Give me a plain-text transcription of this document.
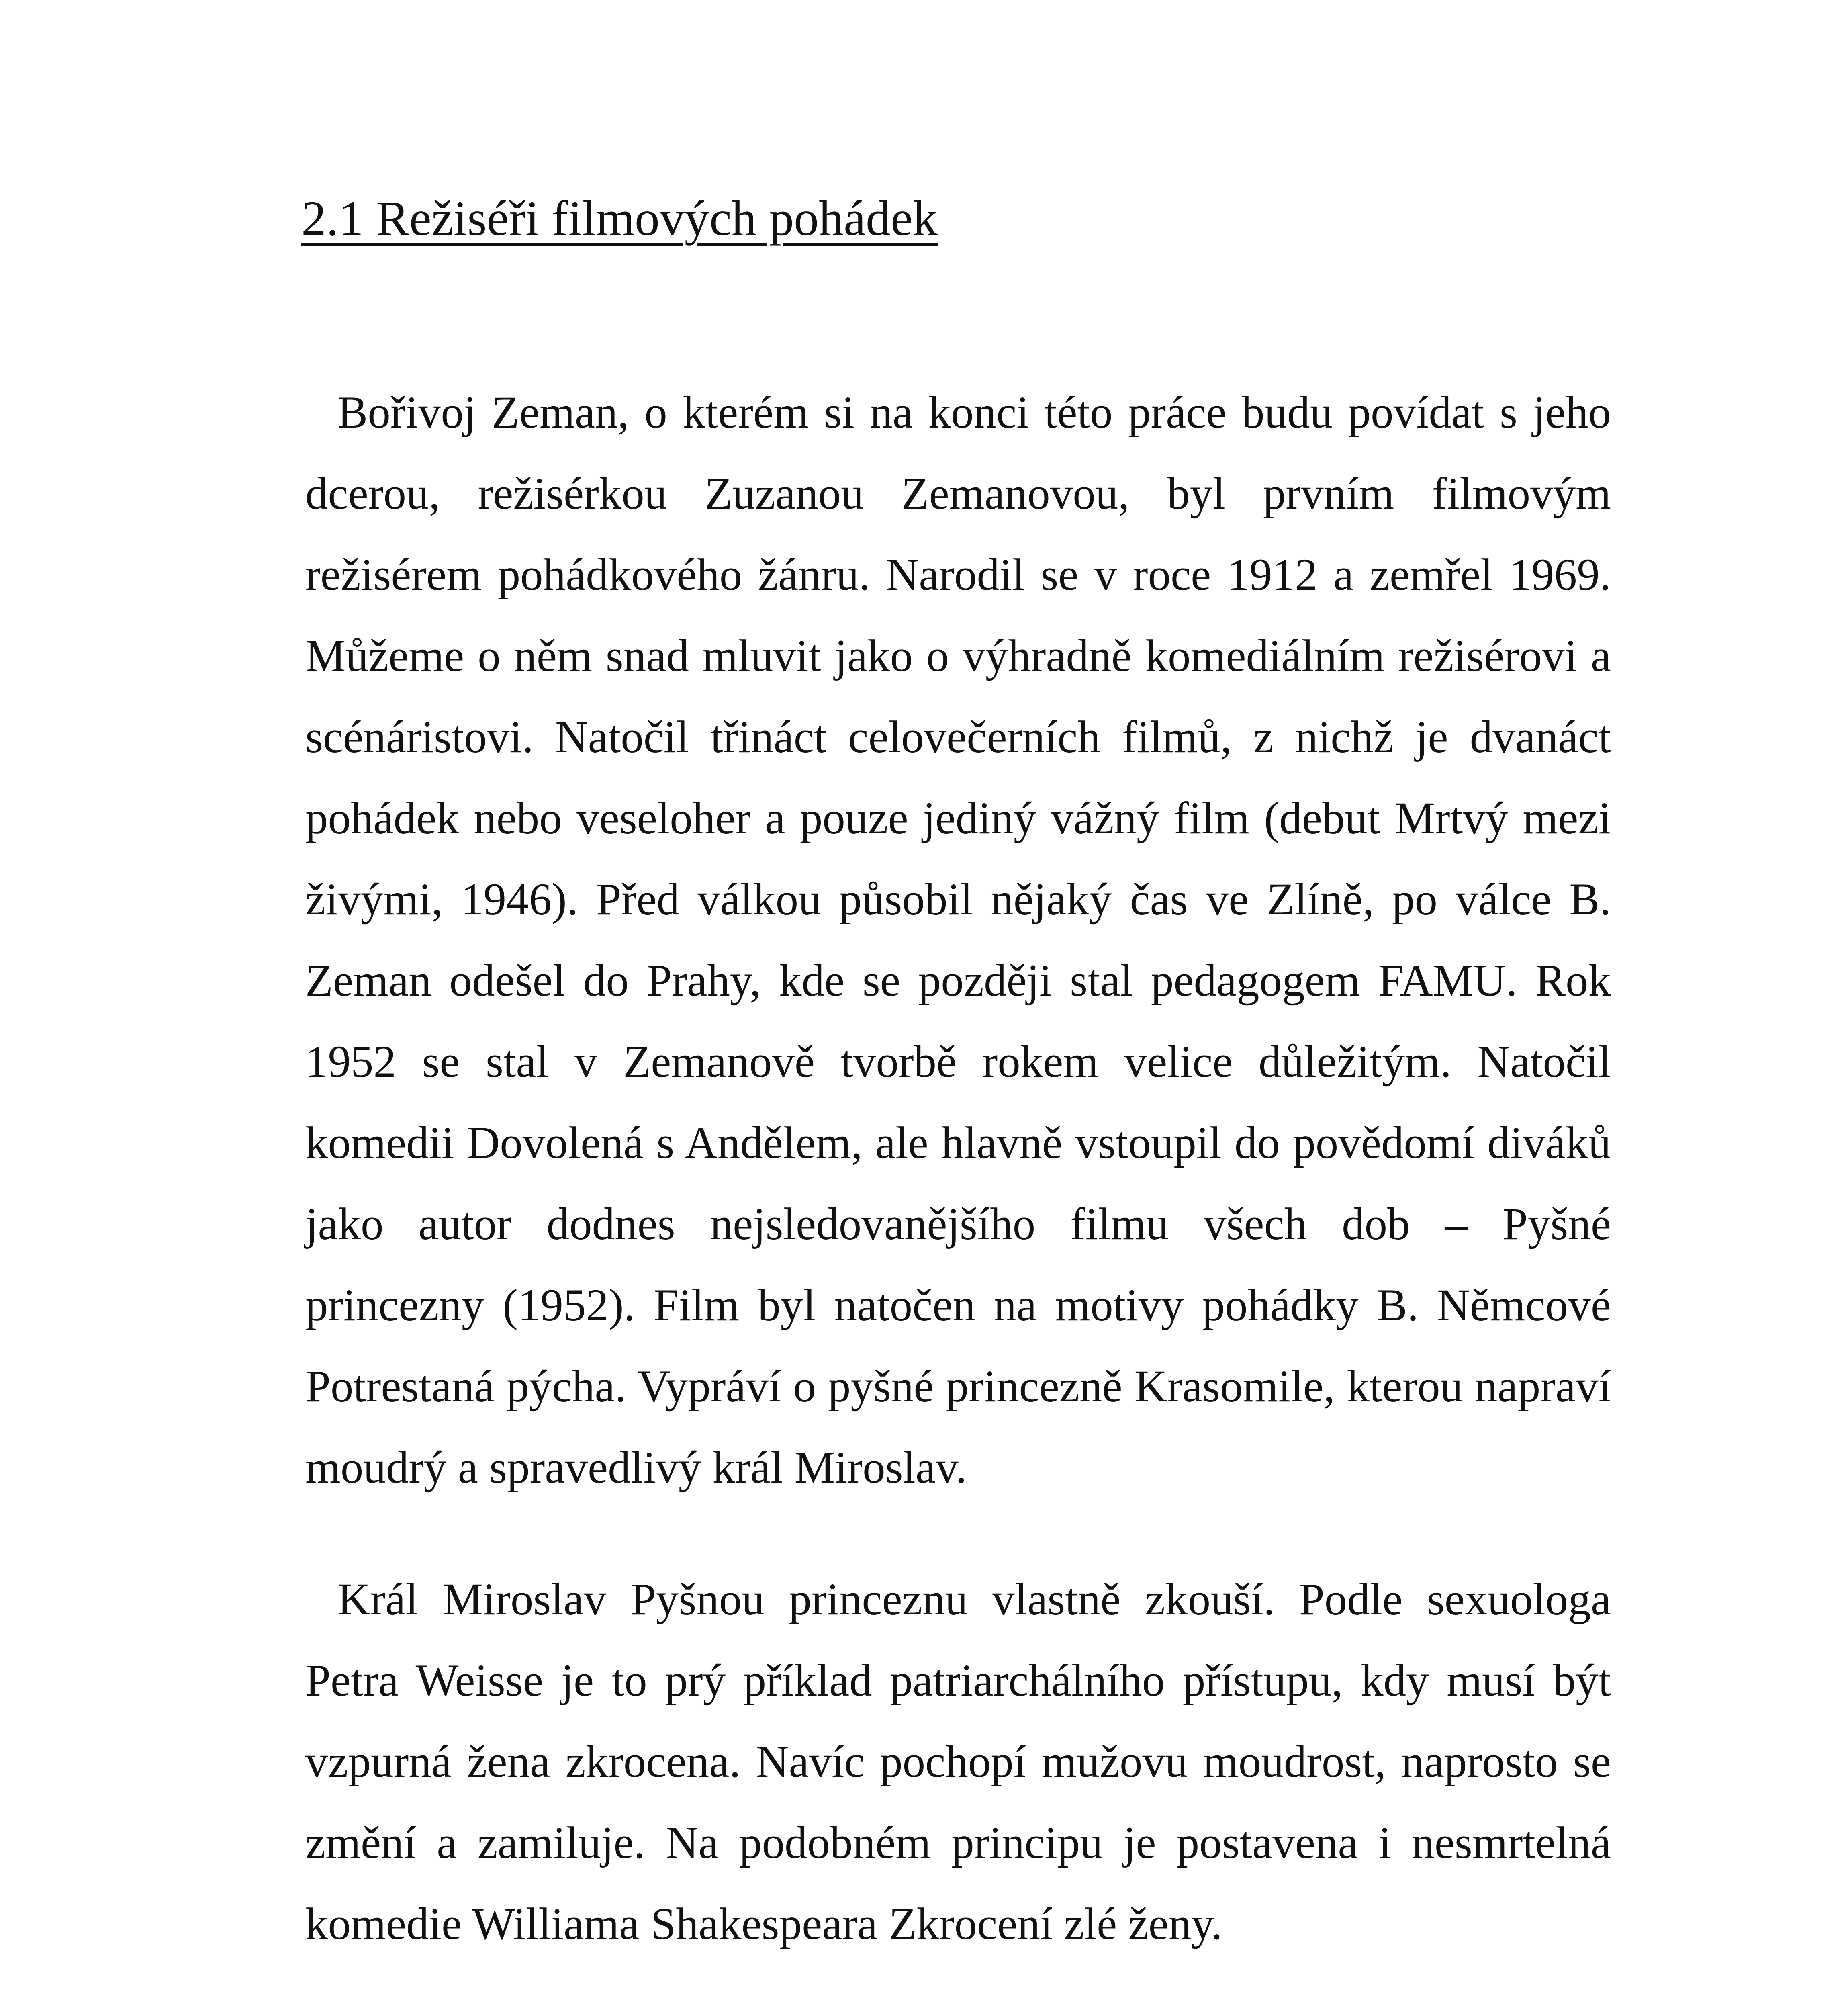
2.1 Režiséři filmových pohádek

Bořivoj Zeman, o kterém si na konci této práce budu povídat s jeho dcerou, režisérkou Zuzanou Zemanovou, byl prvním filmovým režisérem pohádkového žánru. Narodil se v roce 1912 a zemřel 1969. Můžeme o něm snad mluvit jako o výhradně komediálním režisérovi a scénáristovi. Natočil třináct celovečerních filmů, z nichž je dvanáct pohádek nebo veseloher a pouze jediný vážný film (debut Mrtvý mezi živými, 1946). Před válkou působil nějaký čas ve Zlíně, po válce B. Zeman odešel do Prahy, kde se později stal pedagogem FAMU. Rok 1952 se stal v Zemanově tvorbě rokem velice důležitým. Natočil komedii Dovolená s Andělem, ale hlavně vstoupil do povědomí diváků jako autor dodnes nejsledovanějšího filmu všech dob – Pyšné princezny (1952). Film byl natočen na motivy pohádky B. Němcové Potrestaná pýcha. Vypráví o pyšné princezně Krasomile, kterou napraví moudrý a spravedlivý král Miroslav.

Král Miroslav Pyšnou princeznu vlastně zkouší. Podle sexuologa Petra Weisse je to prý příklad patriarchálního přístupu, kdy musí být vzpurná žena zkrocena. Navíc pochopí mužovu moudrost, naprosto se změní a zamiluje. Na podobném principu je postavena i nesmrtelná komedie Williama Shakespeara Zkrocení zlé ženy.
